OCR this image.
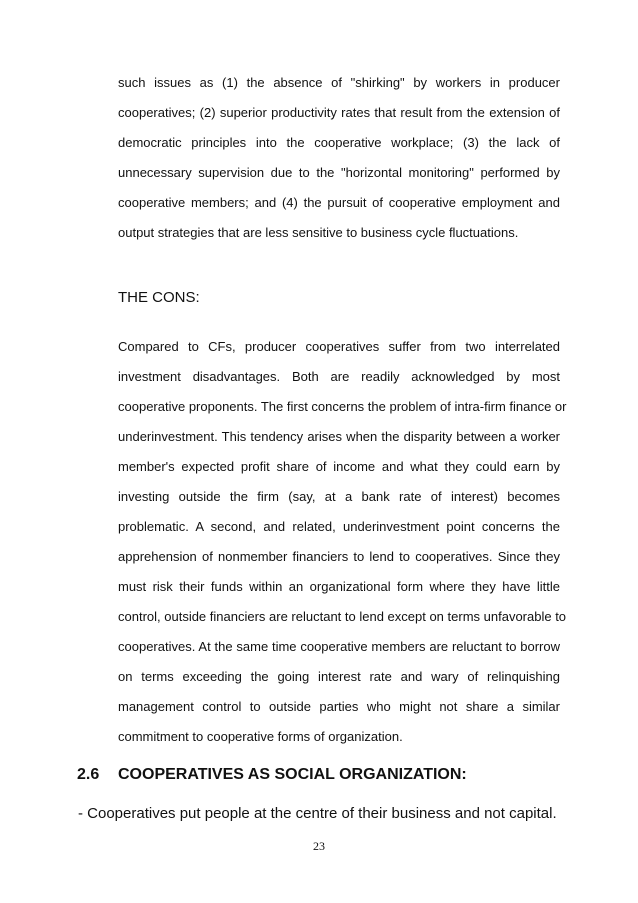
such issues as (1) the absence of "shirking" by workers in producer
cooperatives; (2) superior productivity rates that result from the extension of
democratic principles into the cooperative workplace; (3) the lack of
unnecessary supervision due to the "horizontal monitoring" performed by
cooperative members; and (4) the pursuit of cooperative employment and
output strategies that are less sensitive to business cycle fluctuations.
THE CONS:
Compared to CFs, producer cooperatives suffer from two interrelated
investment disadvantages. Both are readily acknowledged by most
cooperative proponents. The first concerns the problem of intra-firm finance or
underinvestment. This tendency arises when the disparity between a worker
member's expected profit share of income and what they could earn by
investing outside the firm (say, at a bank rate of interest) becomes
problematic. A second, and related, underinvestment point concerns the
apprehension of nonmember financiers to lend to cooperatives. Since they
must risk their funds within an organizational form where they have little
control, outside financiers are reluctant to lend except on terms unfavorable to
cooperatives. At the same time cooperative members are reluctant to borrow
on terms exceeding the going interest rate and wary of relinquishing
management control to outside parties who might not share a similar
commitment to cooperative forms of organization.
2.6 COOPERATIVES AS SOCIAL ORGANIZATION:
- Cooperatives put people at the centre of their business and not capital.
23
